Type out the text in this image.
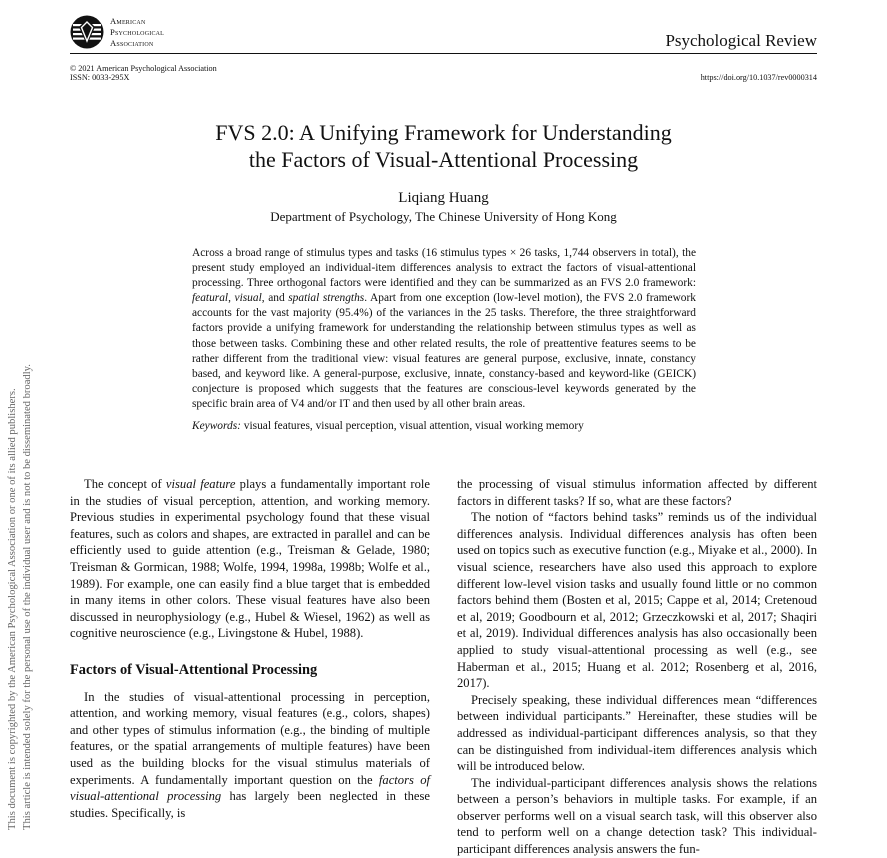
American
Psychological
Association	Psychological Review
© 2021 American Psychological Association
ISSN: 0033-295X	https://doi.org/10.1037/rev0000314
FVS 2.0: A Unifying Framework for Understanding
the Factors of Visual-Attentional Processing
Liqiang Huang
Department of Psychology, The Chinese University of Hong Kong

Across a broad range of stimulus types and tasks (16 stimulus types × 26 tasks, 1,744 observers in total), the present study employed an individual-item differences analysis to extract the factors of visual-attentional processing. Three orthogonal factors were identified and they can be summarized as an FVS 2.0 framework: featural, visual, and spatial strengths. Apart from one exception (low-level motion), the FVS 2.0 framework accounts for the vast majority (95.4%) of the variances in the 25 tasks. Therefore, the three straightforward factors provide a unifying framework for understanding the relationship between stimulus types as well as those between tasks. Combining these and other related results, the role of preattentive features seems to be rather different from the traditional view: visual features are general purpose, exclusive, innate, constancy based, and keyword like. A general-purpose, exclusive, innate, constancy-based and keyword-like (GEICK) conjecture is proposed which suggests that the features are conscious-level keywords generated by the specific brain area of V4 and/or IT and then used by all other brain areas.

Keywords: visual features, visual perception, visual attention, visual working memory

The concept of visual feature plays a fundamentally important role in the studies of visual perception, attention, and working memory. Previous studies in experimental psychology found that these visual features, such as colors and shapes, are extracted in parallel and can be efficiently used to guide attention (e.g., Treisman & Gelade, 1980; Treisman & Gormican, 1988; Wolfe, 1994, 1998a, 1998b; Wolfe et al., 1989). For example, one can easily find a blue target that is embedded in many items in other colors. These visual features have also been discussed in neurophysiology (e.g., Hubel & Wiesel, 1962) as well as cognitive neuroscience (e.g., Livingstone & Hubel, 1988).

Factors of Visual-Attentional Processing

In the studies of visual-attentional processing in perception, attention, and working memory, visual features (e.g., colors, shapes) and other types of stimulus information (e.g., the binding of multiple features, or the spatial arrangements of multiple features) have been used as the building blocks for the visual stimulus materials of experiments. A fundamentally important question on the factors of visual-attentional processing has largely been neglected in these studies. Specifically, is

the processing of visual stimulus information affected by different factors in different tasks? If so, what are these factors?

The notion of “factors behind tasks” reminds us of the individual differences analysis. Individual differences analysis has often been used on topics such as executive function (e.g., Miyake et al., 2000). In visual science, researchers have also used this approach to explore different low-level vision tasks and usually found little or no common factors behind them (Bosten et al, 2015; Cappe et al, 2014; Cretenoud et al, 2019; Goodbourn et al, 2012; Grzeczkowski et al, 2017; Shaqiri et al, 2019). Individual differences analysis has also occasionally been applied to study visual-attentional processing as well (e.g., see Haberman et al., 2015; Huang et al. 2012; Rosenberg et al, 2016, 2017).

Precisely speaking, these individual differences mean “differences between individual participants.” Hereinafter, these studies will be addressed as individual-participant differences analysis, so that they can be distinguished from individual-item differences analysis which will be introduced below.

The individual-participant differences analysis shows the relations between a person’s behaviors in multiple tasks. For example, if an observer performs well on a visual search task, will this observer also tend to perform well on a change detection task? This individual-participant differences analysis answers the fun-

This document is copyrighted by the American Psychological Association or one of its allied publishers. This article is intended solely for the personal use of the individual user and is not to be disseminated broadly.
